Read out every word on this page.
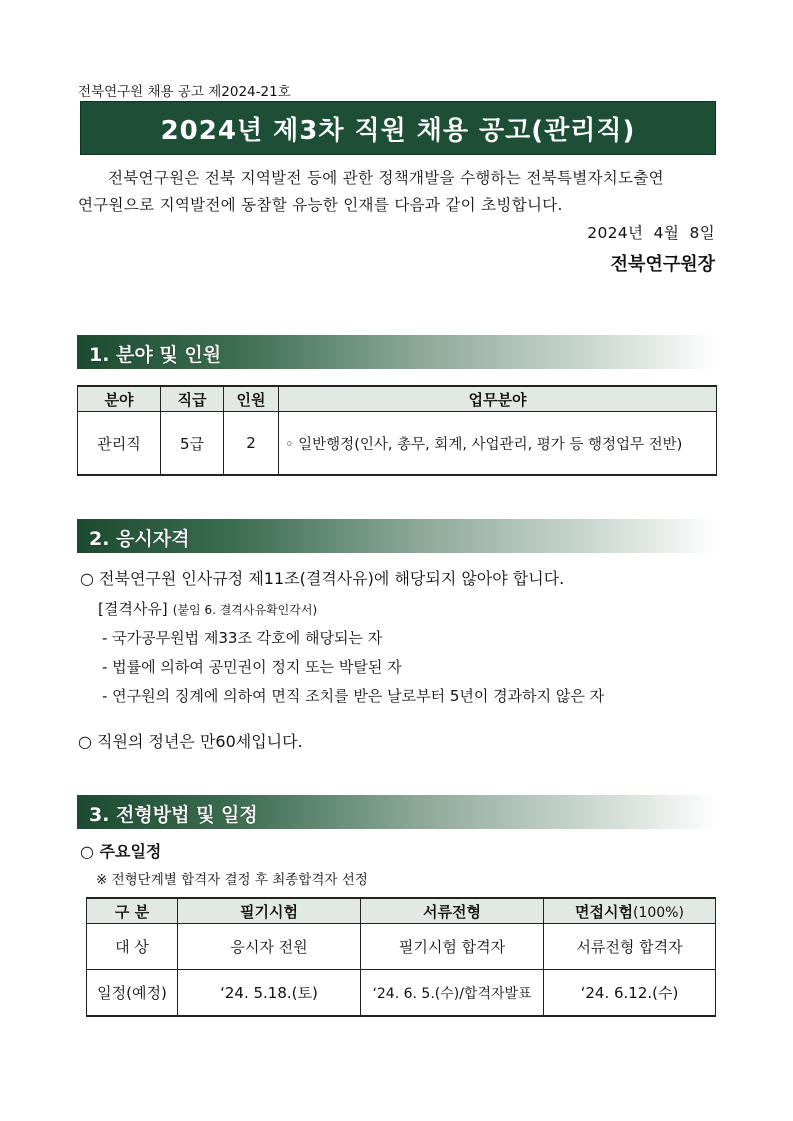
전북연구원 채용 공고 제2024-21호
2024년 제3차 직원 채용 공고(관리직)
전북연구원은 전북 지역발전 등에 관한 정책개발을 수행하는 전북특별자치도출연
연구원으로 지역발전에 동참할 유능한 인재를 다음과 같이 초빙합니다.
2024년  4월  8일
전북연구원장
1. 분야 및 인원
분야	직급	인원	업무분야
관리직	5급	2	◦ 일반행정(인사, 총무, 회계, 사업관리, 평가 등 행정업무 전반)
2. 응시자격
○ 전북연구원 인사규정 제11조(결격사유)에 해당되지 않아야 합니다.
[결격사유] (붙임 6. 결격사유확인각서)
- 국가공무원법 제33조 각호에 해당되는 자
- 법률에 의하여 공민권이 정지 또는 박탈된 자
- 연구원의 징계에 의하여 면직 조치를 받은 날로부터 5년이 경과하지 않은 자
○ 직원의 정년은 만60세입니다.
3. 전형방법 및 일정
○ 주요일정
※ 전형단계별 합격자 결정 후 최종합격자 선정
구 분	필기시험	서류전형	면접시험(100%)
대 상	응시자 전원	필기시험 합격자	서류전형 합격자
일정(예정)	‘24. 5.18.(토)	‘24. 6. 5.(수)/합격자발표	‘24. 6.12.(수)
